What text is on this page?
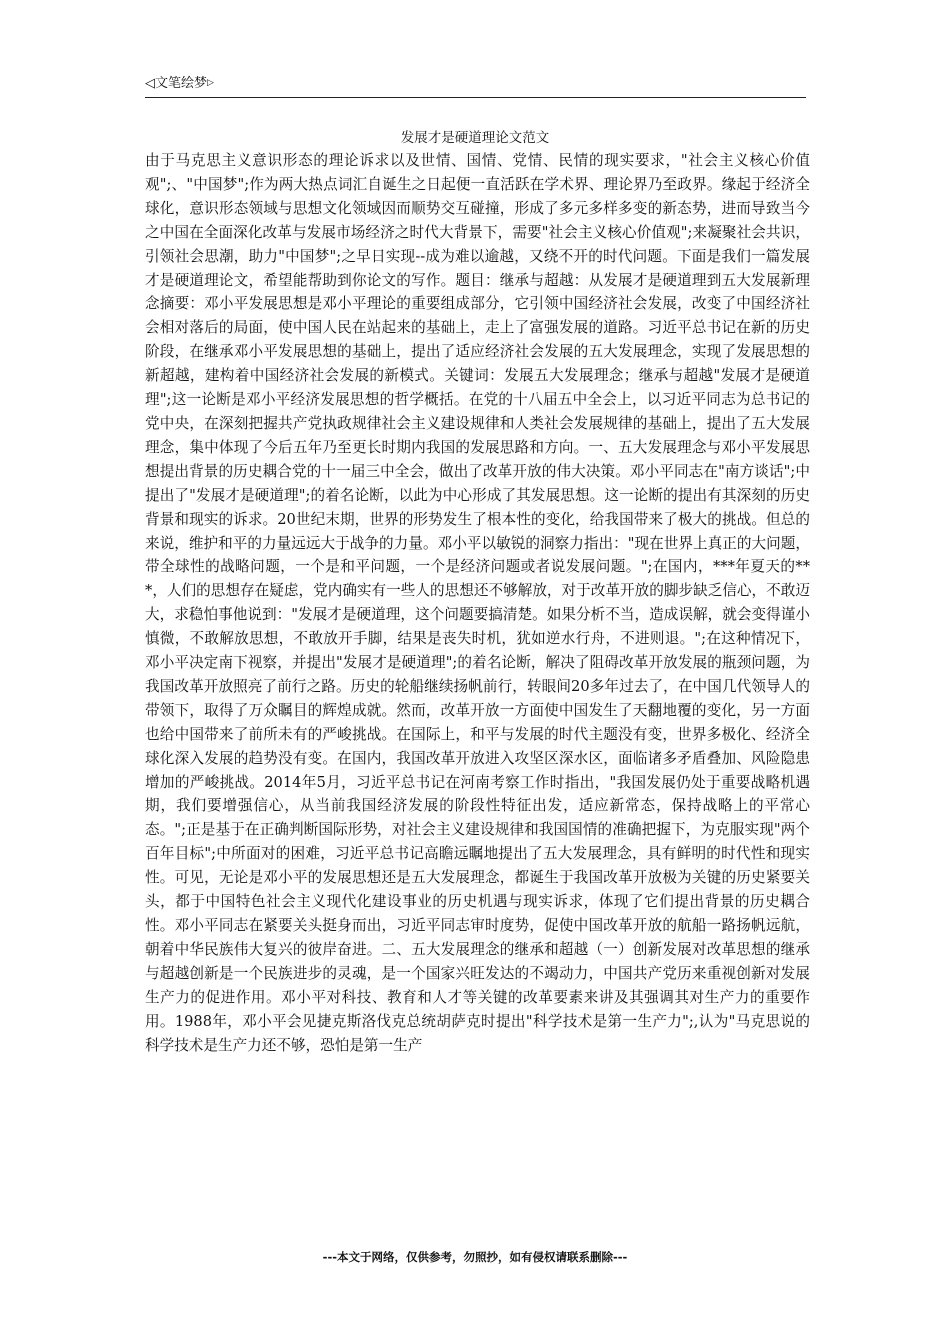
◁文笔绘梦▷
发展才是硬道理论文范文
由于马克思主义意识形态的理论诉求以及世情、国情、党情、民情的现实要求，"社会主义核心价值观";、"中国梦";作为两大热点词汇自诞生之日起便一直活跃在学术界、理论界乃至政界。缘起于经济全球化，意识形态领域与思想文化领域因而顺势交互碰撞，形成了多元多样多变的新态势，进而导致当今之中国在全面深化改革与发展市场经济之时代大背景下，需要"社会主义核心价值观";来凝聚社会共识，引领社会思潮，助力"中国梦";之早日实现--成为难以逾越，又绕不开的时代问题。下面是我们一篇发展才是硬道理论文，希望能帮助到你论文的写作。题目：继承与超越：从发展才是硬道理到五大发展新理念摘要：邓小平发展思想是邓小平理论的重要组成部分，它引领中国经济社会发展，改变了中国经济社会相对落后的局面，使中国人民在站起来的基础上，走上了富强发展的道路。习近平总书记在新的历史阶段，在继承邓小平发展思想的基础上，提出了适应经济社会发展的五大发展理念，实现了发展思想的新超越，建构着中国经济社会发展的新模式。关键词：发展五大发展理念；继承与超越"发展才是硬道理";这一论断是邓小平经济发展思想的哲学概括。在党的十八届五中全会上，以习近平同志为总书记的党中央，在深刻把握共产党执政规律社会主义建设规律和人类社会发展规律的基础上，提出了五大发展理念，集中体现了今后五年乃至更长时期内我国的发展思路和方向。一、五大发展理念与邓小平发展思想提出背景的历史耦合党的十一届三中全会，做出了改革开放的伟大决策。邓小平同志在"南方谈话";中提出了"发展才是硬道理";的着名论断，以此为中心形成了其发展思想。这一论断的提出有其深刻的历史背景和现实的诉求。20世纪末期，世界的形势发生了根本性的变化，给我国带来了极大的挑战。但总的来说，维护和平的力量远远大于战争的力量。邓小平以敏锐的洞察力指出："现在世界上真正的大问题，带全球性的战略问题，一个是和平问题，一个是经济问题或者说发展问题。";在国内，***年夏天的***，人们的思想存在疑虑，党内确实有一些人的思想还不够解放，对于改革开放的脚步缺乏信心，不敢迈大，求稳怕事他说到："发展才是硬道理，这个问题要搞清楚。如果分析不当，造成误解，就会变得谨小慎微，不敢解放思想，不敢放开手脚，结果是丧失时机，犹如逆水行舟，不进则退。";在这种情况下，邓小平决定南下视察，并提出"发展才是硬道理";的着名论断，解决了阻碍改革开放发展的瓶颈问题，为我国改革开放照亮了前行之路。历史的轮船继续扬帆前行，转眼间20多年过去了，在中国几代领导人的带领下，取得了万众瞩目的辉煌成就。然而，改革开放一方面使中国发生了天翻地覆的变化，另一方面也给中国带来了前所未有的严峻挑战。在国际上，和平与发展的时代主题没有变，世界多极化、经济全球化深入发展的趋势没有变。在国内，我国改革开放进入攻坚区深水区，面临诸多矛盾叠加、风险隐患增加的严峻挑战。2014年5月，习近平总书记在河南考察工作时指出，"我国发展仍处于重要战略机遇期，我们要增强信心，从当前我国经济发展的阶段性特征出发，适应新常态，保持战略上的平常心态。";正是基于在正确判断国际形势，对社会主义建设规律和我国国情的准确把握下，为克服实现"两个百年目标";中所面对的困难，习近平总书记高瞻远瞩地提出了五大发展理念，具有鲜明的时代性和现实性。可见，无论是邓小平的发展思想还是五大发展理念，都诞生于我国改革开放极为关键的历史紧要关头，都于中国特色社会主义现代化建设事业的历史机遇与现实诉求，体现了它们提出背景的历史耦合性。邓小平同志在紧要关头挺身而出，习近平同志审时度势，促使中国改革开放的航船一路扬帆远航，朝着中华民族伟大复兴的彼岸奋进。二、五大发展理念的继承和超越（一）创新发展对改革思想的继承与超越创新是一个民族进步的灵魂，是一个国家兴旺发达的不竭动力，中国共产党历来重视创新对发展生产力的促进作用。邓小平对科技、教育和人才等关键的改革要素来讲及其强调其对生产力的重要作用。1988年，邓小平会见捷克斯洛伐克总统胡萨克时提出"科学技术是第一生产力";,认为"马克思说的科学技术是生产力还不够，恐怕是第一生产
---本文于网络，仅供参考，勿照抄，如有侵权请联系删除---
